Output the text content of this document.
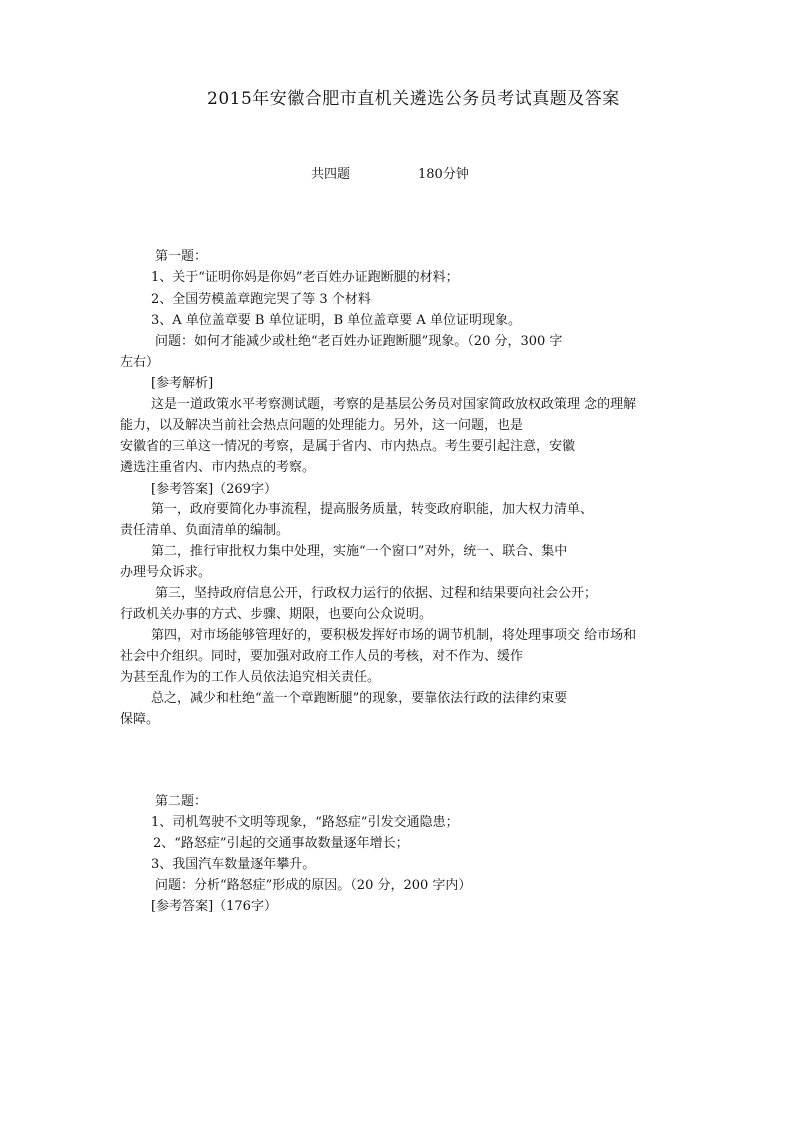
2015年安徽合肥市直机关遴选公务员考试真题及答案
共四题	180分钟
第一题：
1、关于“证明你妈是你妈”老百姓办证跑断腿的材料；
2、全国劳模盖章跑完哭了等 3 个材料
3、A 单位盖章要 B 单位证明，B 单位盖章要 A 单位证明现象。
问题：如何才能减少或杜绝“老百姓办证跑断腿”现象。（20 分，300 字
左右）
[参考解析]
这是一道政策水平考察测试题，考察的是基层公务员对国家简政放权政策理 念的理解
能力，以及解决当前社会热点问题的处理能力。另外，这一问题，也是
安徽省的三单这一情况的考察，是属于省内、市内热点。考生要引起注意，安徽
遴选注重省内、市内热点的考察。
[参考答案]（269字）
第一，政府要简化办事流程，提高服务质量，转变政府职能，加大权力清单、
责任清单、负面清单的编制。
第二，推行审批权力集中处理，实施“一个窗口”对外，统一、联合、集中
办理号众诉求。
第三，坚持政府信息公开，行政权力运行的依据、过程和结果要向社会公开；
行政机关办事的方式、步骤、期限，也要向公众说明。
第四，对市场能够管理好的，要积极发挥好市场的调节机制，将处理事项交 给市场和
社会中介组织。同时，要加强对政府工作人员的考核，对不作为、缓作
为甚至乱作为的工作人员依法追究相关责任。
总之，减少和杜绝“盖一个章跑断腿”的现象，要靠依法行政的法律约束要
保障。
第二题：
1、司机驾驶不文明等现象，“路怒症”引发交通隐患；
2、“路怒症”引起的交通事故数量逐年增长；
3、我国汽车数量逐年攀升。
问题：分析“路怒症”形成的原因。（20 分，200 字内）
[参考答案]（176字）
